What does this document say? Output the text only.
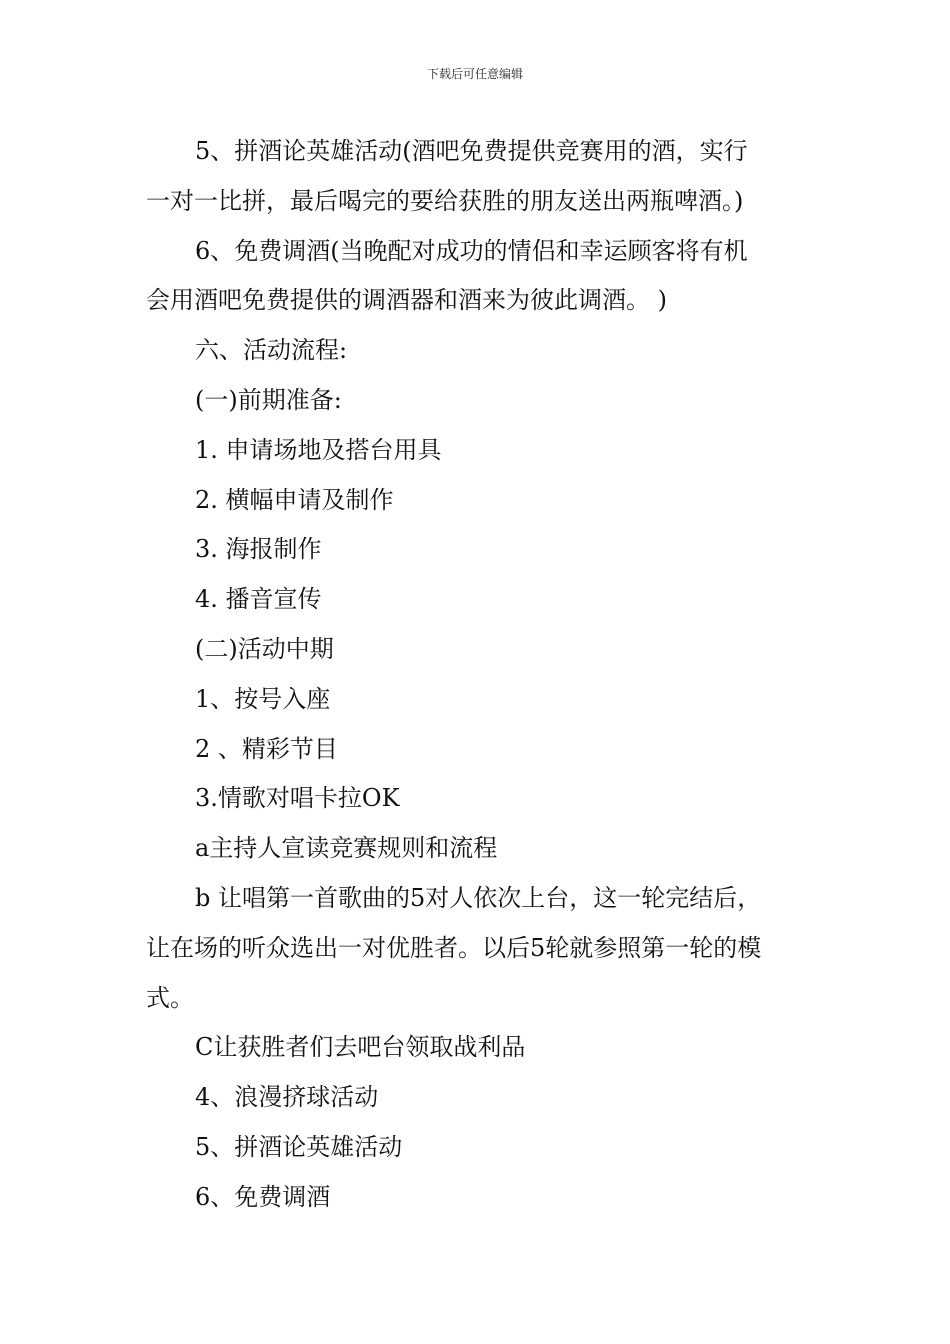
下载后可任意编辑

5、拼酒论英雄活动(酒吧免费提供竞赛用的酒，实行

一对一比拼，最后喝完的要给获胜的朋友送出两瓶啤酒。)

6、免费调酒(当晚配对成功的情侣和幸运顾客将有机

会用酒吧免费提供的调酒器和酒来为彼此调酒。 )

六、活动流程:

(一)前期准备:

1. 申请场地及搭台用具

2. 横幅申请及制作

3. 海报制作

4. 播音宣传

(二)活动中期

1、按号入座

2 、精彩节目

3.情歌对唱卡拉OK

a主持人宣读竞赛规则和流程

b 让唱第一首歌曲的5对人依次上台，这一轮完结后，

让在场的听众选出一对优胜者。以后5轮就参照第一轮的模

式。

C让获胜者们去吧台领取战利品

4、浪漫挤球活动

5、拼酒论英雄活动

6、免费调酒
